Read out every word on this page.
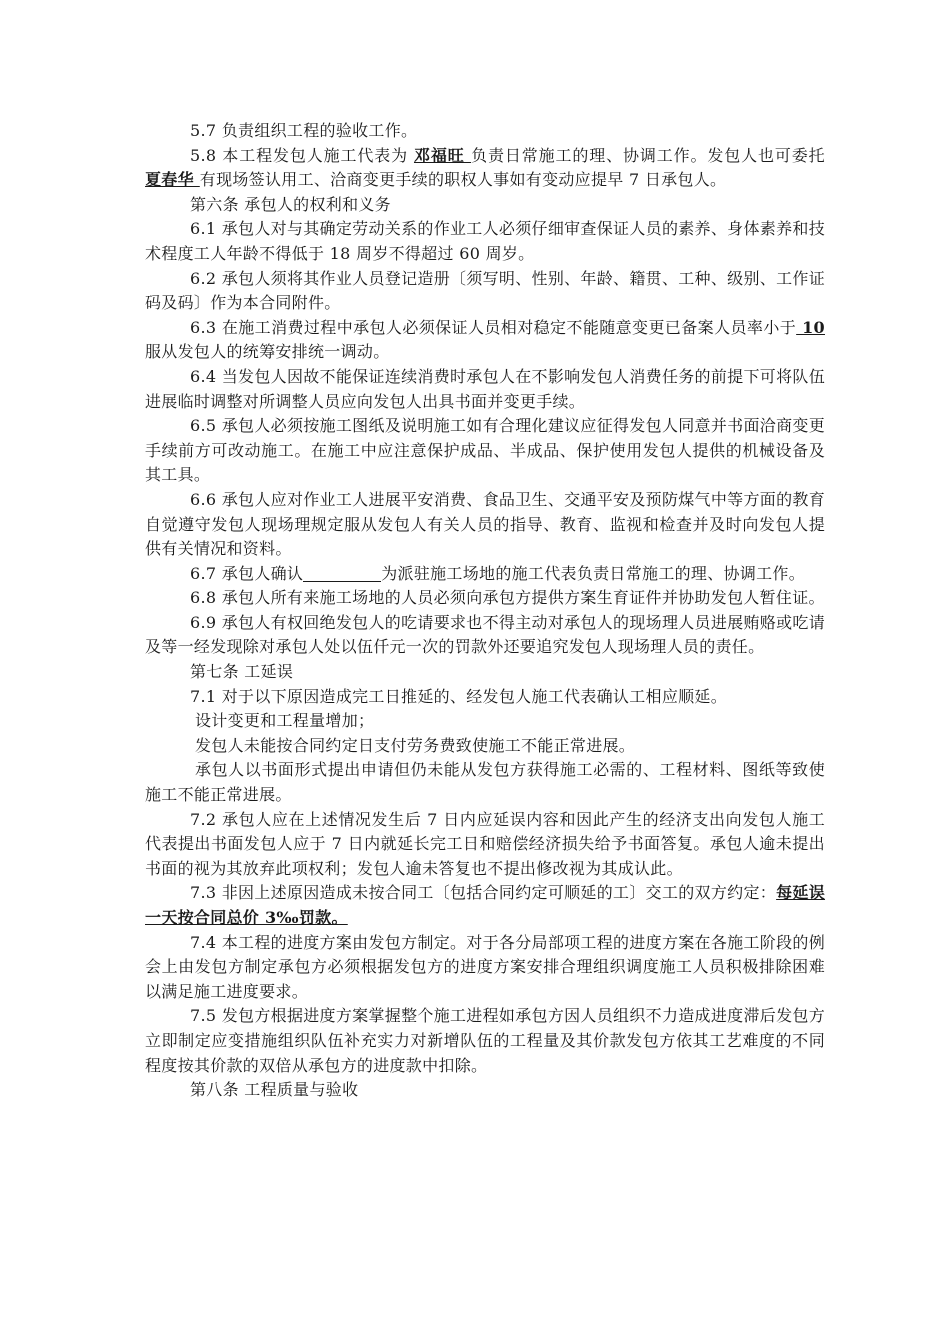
5.7 负责组织工程的验收工作。

5.8 本工程发包人施工代表为 邓福旺 负责日常施工的理、协调工作。发包人也可委托 夏春华 有现场签认用工、洽商变更手续的职权人事如有变动应提早 7 日承包人。

第六条 承包人的权利和义务

6.1 承包人对与其确定劳动关系的作业工人必须仔细审查保证人员的素养、身体素养和技术程度工人年龄不得低于 18 周岁不得超过 60 周岁。

6.2 承包人须将其作业人员登记造册〔须写明、性别、年龄、籍贯、工种、级别、工作证码及码〕作为本合同附件。

6.3 在施工消费过程中承包人必须保证人员相对稳定不能随意变更已备案人员率小于 10 服从发包人的统筹安排统一调动。

6.4 当发包人因故不能保证连续消费时承包人在不影响发包人消费任务的前提下可将队伍进展临时调整对所调整人员应向发包人出具书面并变更手续。

6.5 承包人必须按施工图纸及说明施工如有合理化建议应征得发包人同意并书面洽商变更手续前方可改动施工。在施工中应注意保护成品、半成品、保护使用发包人提供的机械设备及其工具。

6.6 承包人应对作业工人进展平安消费、食品卫生、交通平安及预防煤气中等方面的教育自觉遵守发包人现场理规定服从发包人有关人员的指导、教育、监视和检查并及时向发包人提供有关情况和资料。

6.7 承包人确认	为派驻施工场地的施工代表负责日常施工的理、协调工作。

6.8 承包人所有来施工场地的人员必须向承包方提供方案生育证件并协助发包人暂住证。

6.9 承包人有权回绝发包人的吃请要求也不得主动对承包人的现场理人员进展贿赂或吃请及等一经发现除对承包人处以伍仟元一次的罚款外还要追究发包人现场理人员的责任。

第七条 工延误

7.1 对于以下原因造成完工日推延的、经发包人施工代表确认工相应顺延。

设计变更和工程量增加；

发包人未能按合同约定日支付劳务费致使施工不能正常进展。

承包人以书面形式提出申请但仍未能从发包方获得施工必需的、工程材料、图纸等致使施工不能正常进展。

7.2 承包人应在上述情况发生后 7 日内应延误内容和因此产生的经济支出向发包人施工代表提出书面发包人应于 7 日内就延长完工日和赔偿经济损失给予书面答复。承包人逾未提出书面的视为其放弃此项权利；发包人逾未答复也不提出修改视为其成认此。

7.3 非因上述原因造成未按合同工〔包括合同约定可顺延的工〕交工的双方约定：每延误一天按合同总价 3‰罚款。

7.4 本工程的进度方案由发包方制定。对于各分局部项工程的进度方案在各施工阶段的例会上由发包方制定承包方必须根据发包方的进度方案安排合理组织调度施工人员积极排除困难以满足施工进度要求。

7.5 发包方根据进度方案掌握整个施工进程如承包方因人员组织不力造成进度滞后发包方立即制定应变措施组织队伍补充实力对新增队伍的工程量及其价款发包方依其工艺难度的不同程度按其价款的双倍从承包方的进度款中扣除。

第八条 工程质量与验收
